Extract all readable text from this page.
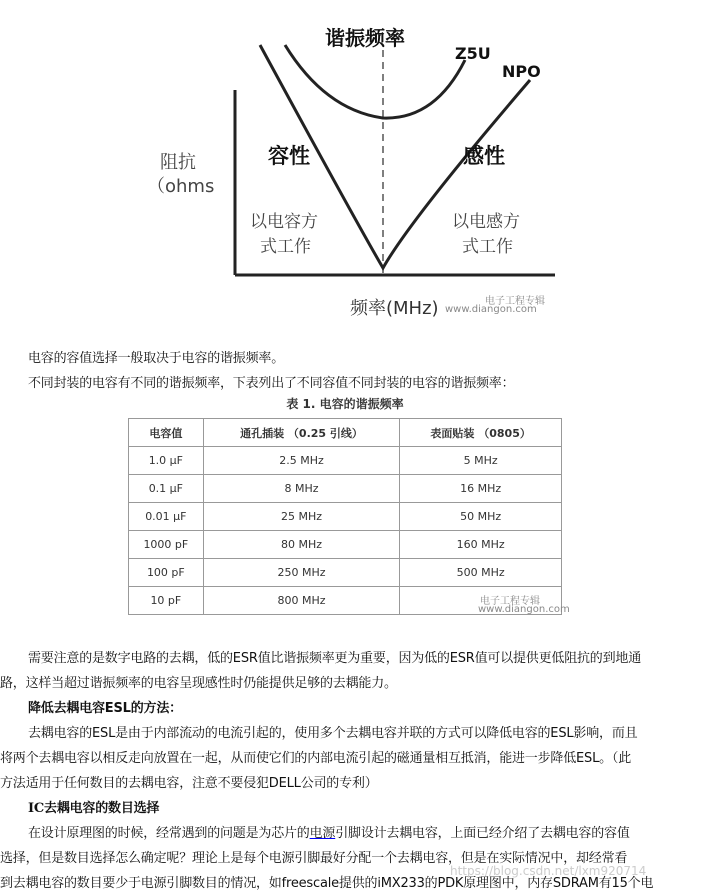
谐振频率
Z5U
NPO
容性	感性
阻抗
（ohms
以电容方
式工作
以电感方
式工作
频率(MHz)	电子工程专辑
www.diangon.com
电容的容值选择一般取决于电容的谐振频率。
不同封装的电容有不同的谐振频率，下表列出了不同容值不同封装的电容的谐振频率：
表 1. 电容的谐振频率
电容值	通孔插装 （0.25 引线）	表面贴装 （0805）
1.0 µF	2.5 MHz	5 MHz
0.1 µF	8 MHz	16 MHz
0.01 µF	25 MHz	50 MHz
1000 pF	80 MHz	160 MHz
100 pF	250 MHz	500 MHz
10 pF	800 MHz		电子工程专辑
www.diangon.com
需要注意的是数字电路的去耦，低的ESR值比谐振频率更为重要，因为低的ESR值可以提供更低阻抗的到地通
路，这样当超过谐振频率的电容呈现感性时仍能提供足够的去耦能力。
降低去耦电容ESL的方法：
去耦电容的ESL是由于内部流动的电流引起的，使用多个去耦电容并联的方式可以降低电容的ESL影响，而且
将两个去耦电容以相反走向放置在一起，从而使它们的内部电流引起的磁通量相互抵消，能进一步降低ESL。（此
方法适用于任何数目的去耦电容，注意不要侵犯DELL公司的专利）
IC去耦电容的数目选择
在设计原理图的时候，经常遇到的问题是为芯片的电源引脚设计去耦电容，上面已经介绍了去耦电容的容值
选择，但是数目选择怎么确定呢？理论上是每个电源引脚最好分配一个去耦电容，但是在实际情况中，却经常看
到去耦电容的数目要少于电源引脚数目的情况，如freescale提供的iMX233的PDK原理图中，内存SDRAM有15个电
https://blog.csdn.net/lxm920714
